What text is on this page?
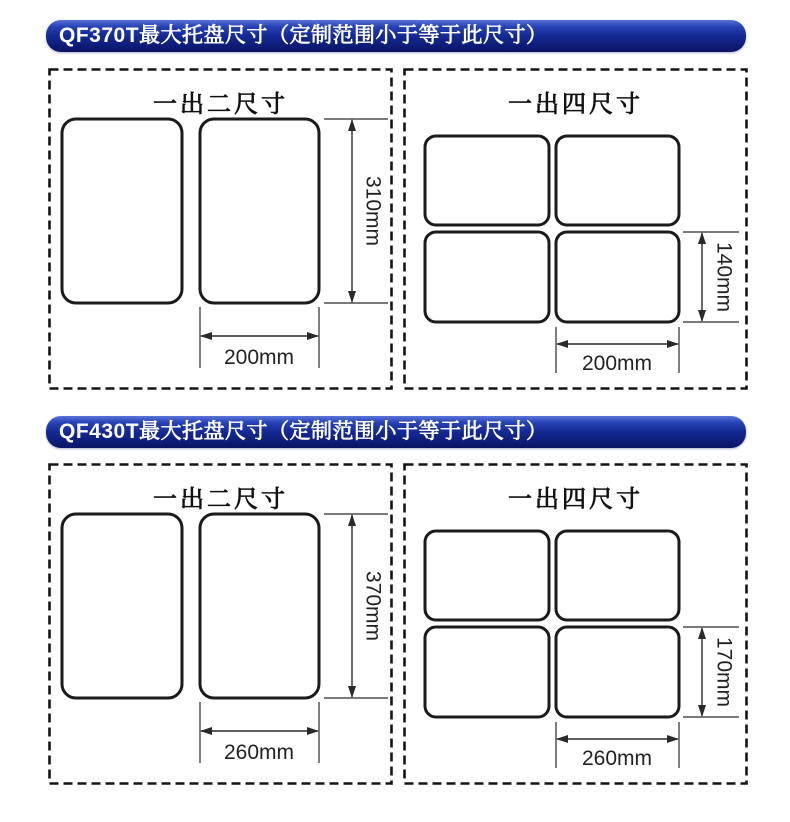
QF370T最大托盘尺寸（定制范围小于等于此尺寸）
一出二尺寸
310mm
200mm
一出四尺寸
140mm
200mm
QF430T最大托盘尺寸（定制范围小于等于此尺寸）
一出二尺寸
370mm
260mm
一出四尺寸
170mm
260mm
